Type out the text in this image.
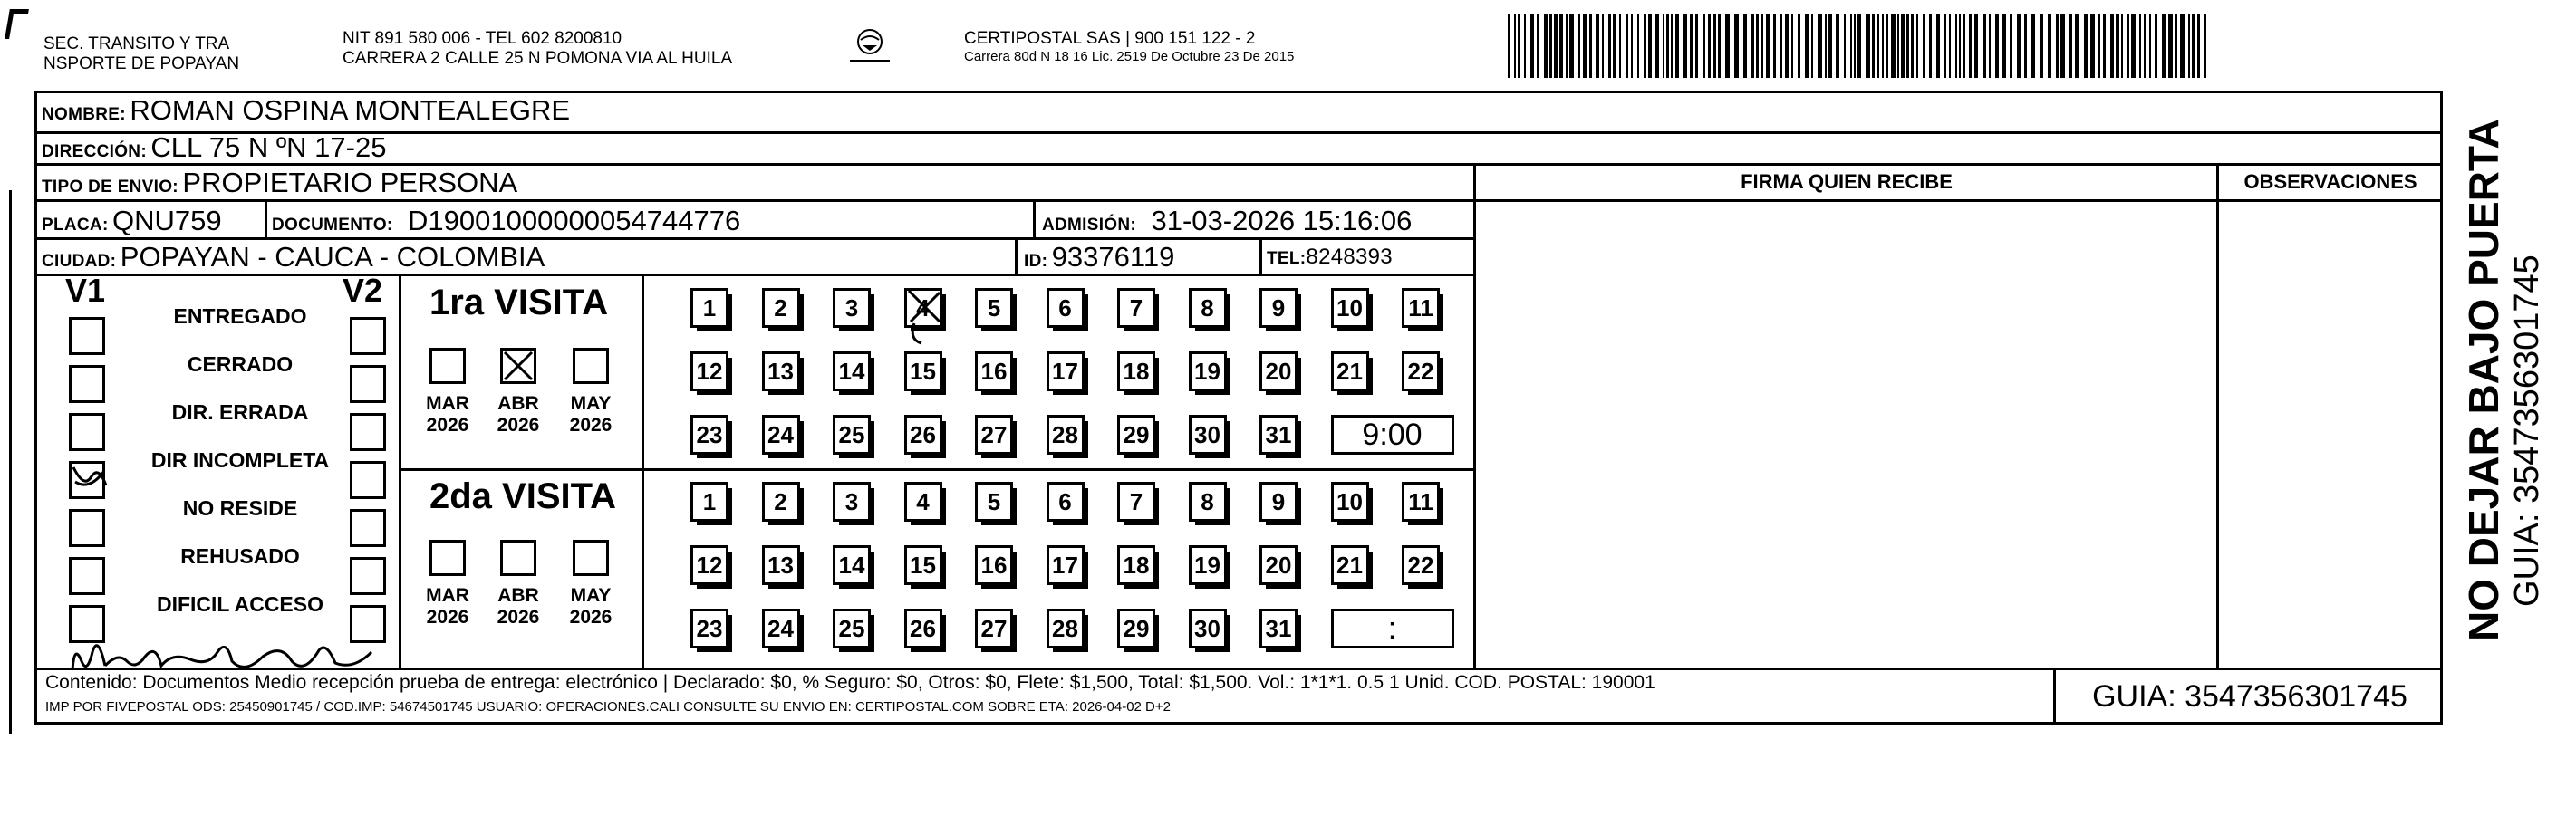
SEC. TRANSITO Y TRA
NSPORTE DE POPAYAN
NIT 891 580 006 - TEL 602 8200810
CARRERA 2 CALLE 25 N POMONA VIA AL HUILA
CERTIPOSTAL SAS | 900 151 122 - 2
Carrera 80d N 18 16 Lic. 2519 De Octubre 23 De 2015
NOMBRE: ROMAN OSPINA MONTEALEGRE
DIRECCIÓN: CLL 75 N ºN 17-25
TIPO DE ENVIO: PROPIETARIO PERSONA	FIRMA QUIEN RECIBE	OBSERVACIONES
PLACA: QNU759	DOCUMENTO: D19001000000054744776	ADMISIÓN: 31-03-2026 15:16:06
CIUDAD: POPAYAN - CAUCA - COLOMBIA	ID: 93376119	TEL:8248393
V1	V2
ENTREGADO
CERRADO
DIR. ERRADA
DIR INCOMPLETA
NO RESIDE
REHUSADO
DIFICIL ACCESO
1ra VISITA
2da VISITA
MAR
2026
ABR
2026
MAY
2026
MAR
2026
ABR
2026
MAY
2026
1	2	3	4	5	6	7	8	9	10 11
12 13 14 15 16 17 18 19 20 21 22
23 24 25 26 27 28 29 30 31	9:00
1	2	3	4	5	6	7	8	9	10 11
12 13 14 15 16 17 18 19 20 21 22
23 24 25 26 27 28 29 30 31	:
Contenido: Documentos Medio recepción prueba de entrega: electrónico | Declarado: $0, % Seguro: $0, Otros: $0, Flete: $1,500, Total: $1,500. Vol.: 1*1*1. 0.5 1 Unid. COD. POSTAL: 190001
IMP POR FIVEPOSTAL ODS: 25450901745 / COD.IMP: 54674501745 USUARIO: OPERACIONES.CALI CONSULTE SU ENVIO EN: CERTIPOSTAL.COM SOBRE ETA: 2026-04-02 D+2	GUIA: 3547356301745
NO DEJAR BAJO PUERTA GUIA: 3547356301745
